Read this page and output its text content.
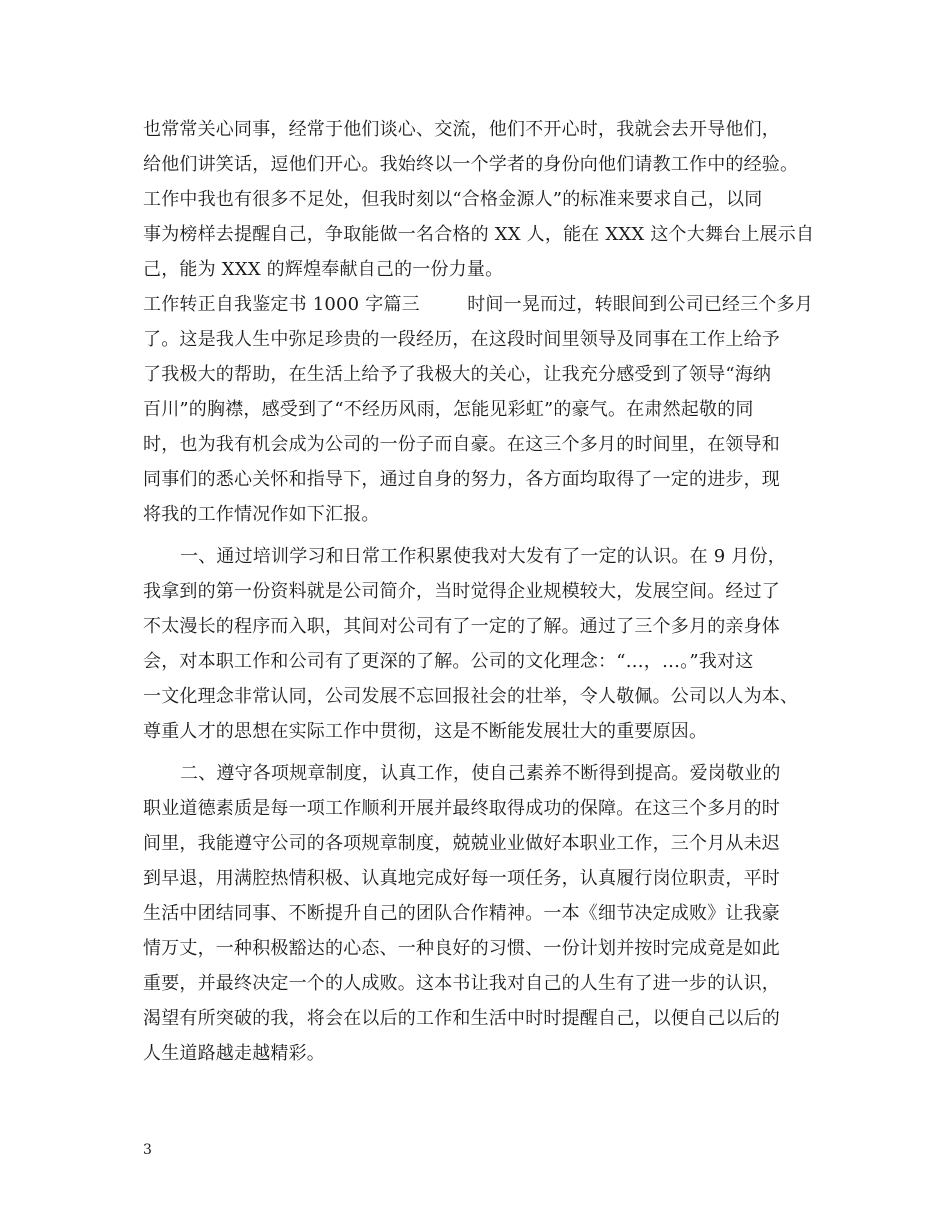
也常常关心同事，经常于他们谈心、交流，他们不开心时，我就会去开导他们，
给他们讲笑话，逗他们开心。我始终以一个学者的身份向他们请教工作中的经验。
工作中我也有很多不足处，但我时刻以“合格金源人”的标准来要求自己，以同
事为榜样去提醒自己，争取能做一名合格的 XX 人，能在 XXX 这个大舞台上展示自
己，能为 XXX 的辉煌奉献自己的一份力量。
工作转正自我鉴定书 1000 字篇三        时间一晃而过，转眼间到公司已经三个多月
了。这是我人生中弥足珍贵的一段经历，在这段时间里领导及同事在工作上给予
了我极大的帮助，在生活上给予了我极大的关心，让我充分感受到了领导“海纳
百川”的胸襟，感受到了“不经历风雨，怎能见彩虹”的豪气。在肃然起敬的同
时，也为我有机会成为公司的一份子而自豪。在这三个多月的时间里，在领导和
同事们的悉心关怀和指导下，通过自身的努力，各方面均取得了一定的进步，现
将我的工作情况作如下汇报。
一、通过培训学习和日常工作积累使我对大发有了一定的认识。在 9 月份，
我拿到的第一份资料就是公司简介，当时觉得企业规模较大，发展空间。经过了
不太漫长的程序而入职，其间对公司有了一定的了解。通过了三个多月的亲身体
会，对本职工作和公司有了更深的了解。公司的文化理念：“…，…。”我对这
一文化理念非常认同，公司发展不忘回报社会的壮举，令人敬佩。公司以人为本、
尊重人才的思想在实际工作中贯彻，这是不断能发展壮大的重要原因。
二、遵守各项规章制度，认真工作，使自己素养不断得到提高。爱岗敬业的
职业道德素质是每一项工作顺利开展并最终取得成功的保障。在这三个多月的时
间里，我能遵守公司的各项规章制度，兢兢业业做好本职业工作，三个月从未迟
到早退，用满腔热情积极、认真地完成好每一项任务，认真履行岗位职责，平时
生活中团结同事、不断提升自己的团队合作精神。一本《细节决定成败》让我豪
情万丈，一种积极豁达的心态、一种良好的习惯、一份计划并按时完成竟是如此
重要，并最终决定一个的人成败。这本书让我对自己的人生有了进一步的认识，
渴望有所突破的我，将会在以后的工作和生活中时时提醒自己，以便自己以后的
人生道路越走越精彩。
3
